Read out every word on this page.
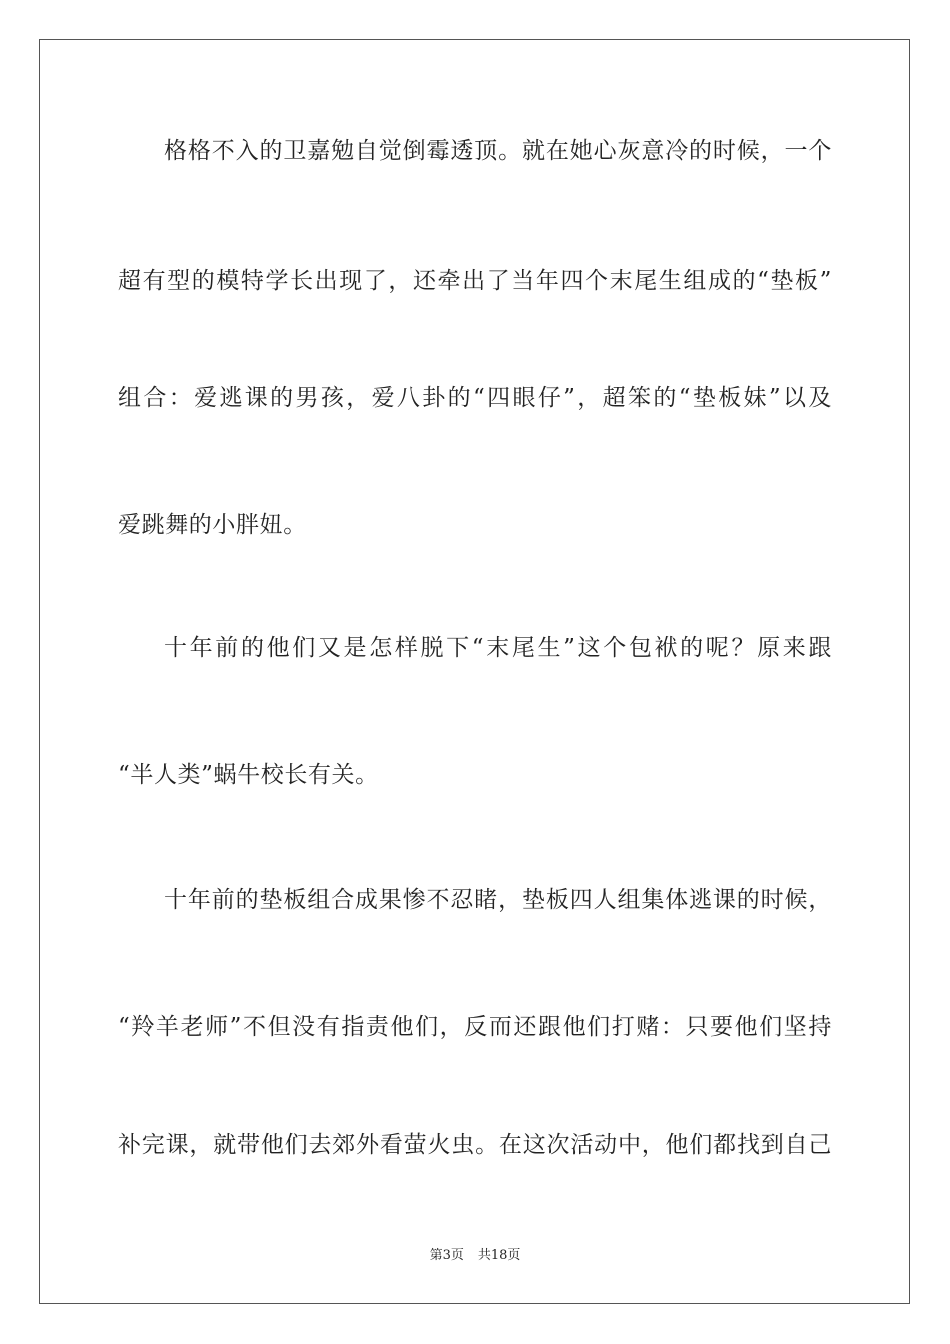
格格不入的卫嘉勉自觉倒霉透顶。就在她心灰意冷的时候，一个
超有型的模特学长出现了，还牵出了当年四个末尾生组成的“垫板”
组合：爱逃课的男孩，爱八卦的“四眼仔”，超笨的“垫板妹”以及
爱跳舞的小胖妞。
十年前的他们又是怎样脱下“末尾生”这个包袱的呢？原来跟
“半人类”蜗牛校长有关。
十年前的垫板组合成果惨不忍睹，垫板四人组集体逃课的时候，
“羚羊老师”不但没有指责他们，反而还跟他们打赌：只要他们坚持
补完课，就带他们去郊外看萤火虫。在这次活动中，他们都找到自己
第3页 共18页
